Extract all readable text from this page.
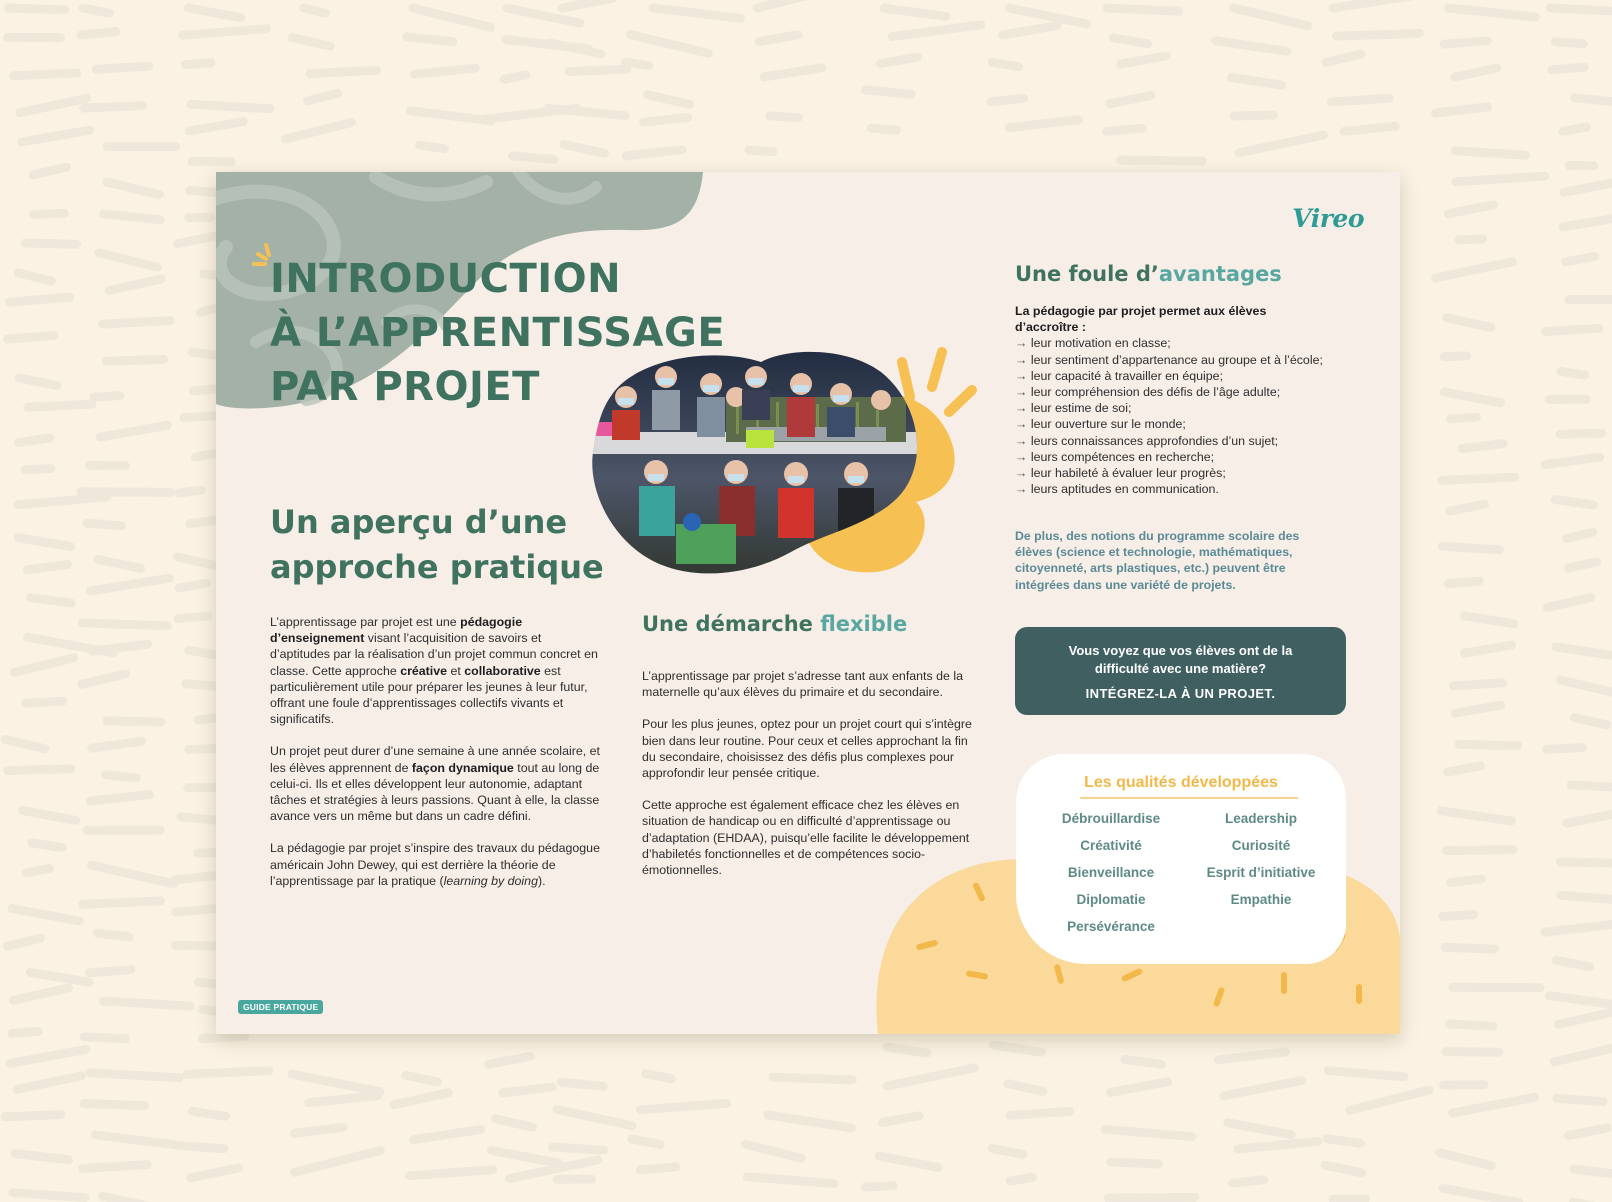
INTRODUCTION
À L’APPRENTISSAGE
PAR PROJET
Vireo
Un aperçu d’une
approche pratique

L’apprentissage par projet est une pédagogie d’enseignement visant l’acquisition de savoirs et d’aptitudes par la réalisation d’un projet commun concret en classe. Cette approche créative et collaborative est particulièrement utile pour préparer les jeunes à leur futur, offrant une foule d’apprentissages collectifs vivants et significatifs.

Un projet peut durer d’une semaine à une année scolaire, et les élèves apprennent de façon dynamique tout au long de celui-ci. Ils et elles développent leur autonomie, adaptant tâches et stratégies à leurs passions. Quant à elle, la classe avance vers un même but dans un cadre défini.

La pédagogie par projet s’inspire des travaux du pédagogue américain John Dewey, qui est derrière la théorie de l’apprentissage par la pratique (learning by doing).

Une démarche flexible

L’apprentissage par projet s’adresse tant aux enfants de la maternelle qu’aux élèves du primaire et du secondaire.

Pour les plus jeunes, optez pour un projet court qui s’intègre bien dans leur routine. Pour ceux et celles approchant la fin du secondaire, choisissez des défis plus complexes pour approfondir leur pensée critique.

Cette approche est également efficace chez les élèves en situation de handicap ou en difficulté d’apprentissage ou d’adaptation (EHDAA), puisqu’elle facilite le développement d’habiletés fonctionnelles et de compétences socio-émotionnelles.

Une foule d’avantages

La pédagogie par projet permet aux élèves d’accroître :

→ leur motivation en classe;
→ leur sentiment d’appartenance au groupe et à l’école;
→ leur capacité à travailler en équipe;
→ leur compréhension des défis de l’âge adulte;
→ leur estime de soi;
→ leur ouverture sur le monde;
→ leurs connaissances approfondies d’un sujet;
→ leurs compétences en recherche;
→ leur habileté à évaluer leur progrès;
→ leurs aptitudes en communication.

De plus, des notions du programme scolaire des élèves (science et technologie, mathématiques, citoyenneté, arts plastiques, etc.) peuvent être intégrées dans une variété de projets.

Vous voyez que vos élèves ont de la difficulté avec une matière?

INTÉGREZ-LA À UN PROJET.

Les qualités développées
Débrouillardise	Leadership
Créativité	Curiosité
Bienveillance	Esprit d’initiative
Diplomatie	Empathie
Persévérance
GUIDE PRATIQUE
